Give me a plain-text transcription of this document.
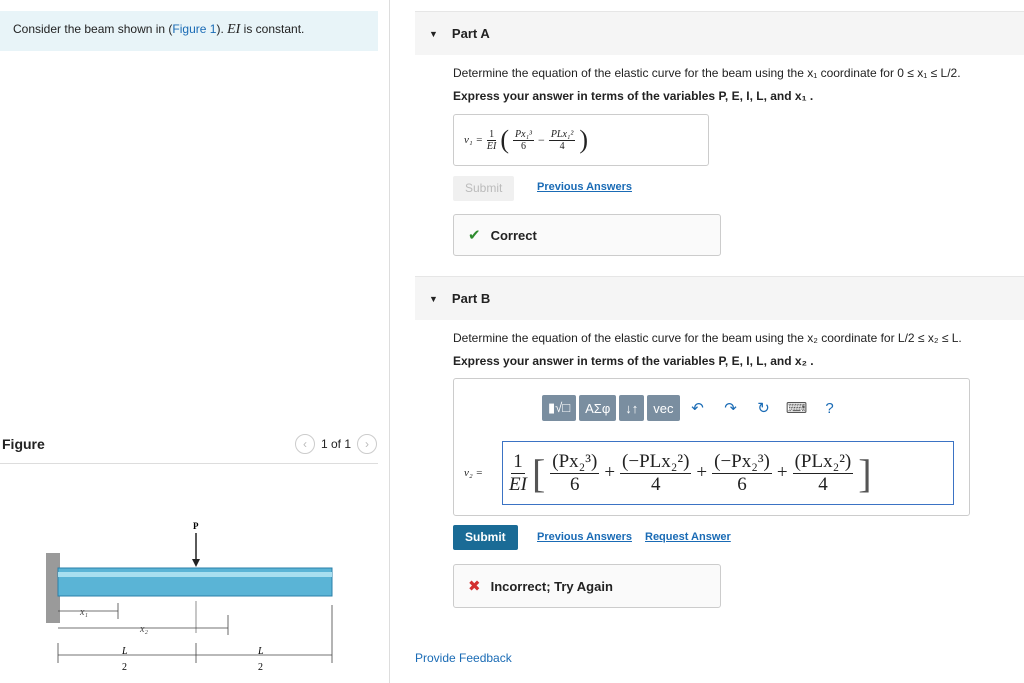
Consider the beam shown in (Figure 1). EI is constant.
Figure	‹	1 of 1	›
P
x₁
x₂
L
2
L
2
▼ Part A
Determine the equation of the elastic curve for the beam using the x₁ coordinate for 0 ≤ x₁ ≤ L/2.
Express your answer in terms of the variables P, E, I, L, and x₁ .
$v_1 = \frac{1}{EI}$ ( $\frac{\text{Px₁³}}{6} - \frac{\text{PLx₁²}}{4}$ )
Submit	Previous Answers
✔ Correct
▼ Part B
Determine the equation of the elastic curve for the beam using the x₂ coordinate for L/2 ≤ x₂ ≤ L.
Express your answer in terms of the variables P, E, I, L, and x₂ .
▮√□	AΣφ	↓↑	vec	↶	↷	↻	⌨	?
$v_2 = \frac{1}{EI}$ [ $\frac{\text{(Px₂³)}}{6} + \frac{\text{(−PLx₂²)}}{4} + \frac{\text{(−Px₂³)}}{6} + \frac{\text{(PLx₂²)}}{4}$ ]
Submit	Previous Answers Request Answer
✖ Incorrect; Try Again
Provide Feedback
